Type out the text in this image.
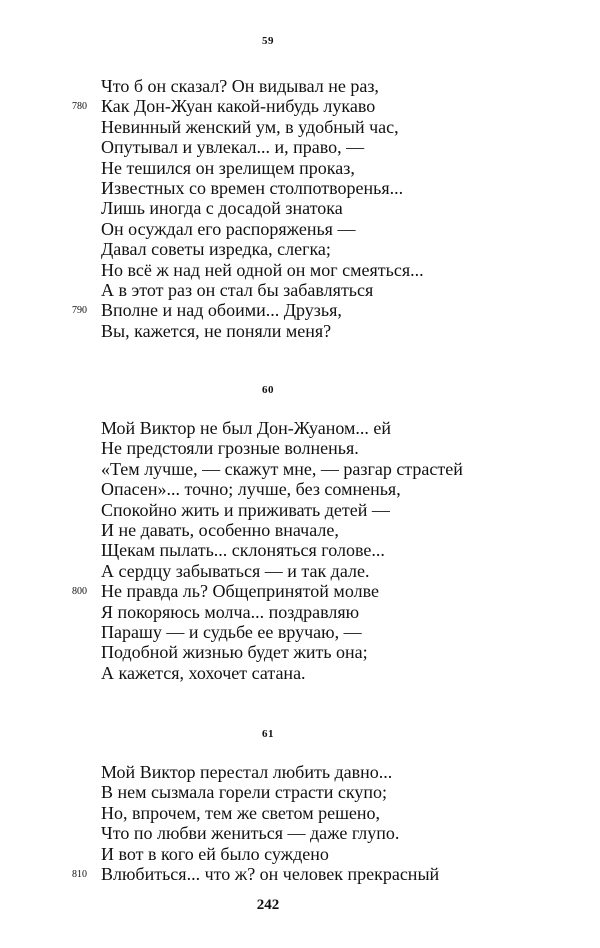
59
Что б он сказал? Он видывал не раз,
780 Как Дон-Жуан какой-нибудь лукаво
Невинный женский ум, в удобный час,
Опутывал и увлекал... и, право, —
Не тешился он зрелищем проказ,
Известных со времен столпотворенья...
Лишь иногда с досадой знатока
Он осуждал его распоряженья —
Давал советы изредка, слегка;
Но всё ж над ней одной он мог смеяться...
А в этот раз он стал бы забавляться
790 Вполне и над обоими... Друзья,
Вы, кажется, не поняли меня?
60
Мой Виктор не был Дон-Жуаном... ей
Не предстояли грозные волненья.
«Тем лучше, — скажут мне, — разгар страстей
Опасен»... точно; лучше, без сомненья,
Спокойно жить и приживать детей —
И не давать, особенно вначале,
Щекам пылать... склоняться голове...
А сердцу забываться — и так дале.
800 Не правда ль? Общепринятой молве
Я покоряюсь молча... поздравляю
Парашу — и судьбе ее вручаю, —
Подобной жизнью будет жить она;
А кажется, хохочет сатана.
61
Мой Виктор перестал любить давно...
В нем сызмала горели страсти скупо;
Но, впрочем, тем же светом решено,
Что по любви жениться — даже глупо.
И вот в кого ей было суждено
810 Влюбиться... что ж? он человек прекрасный
242
